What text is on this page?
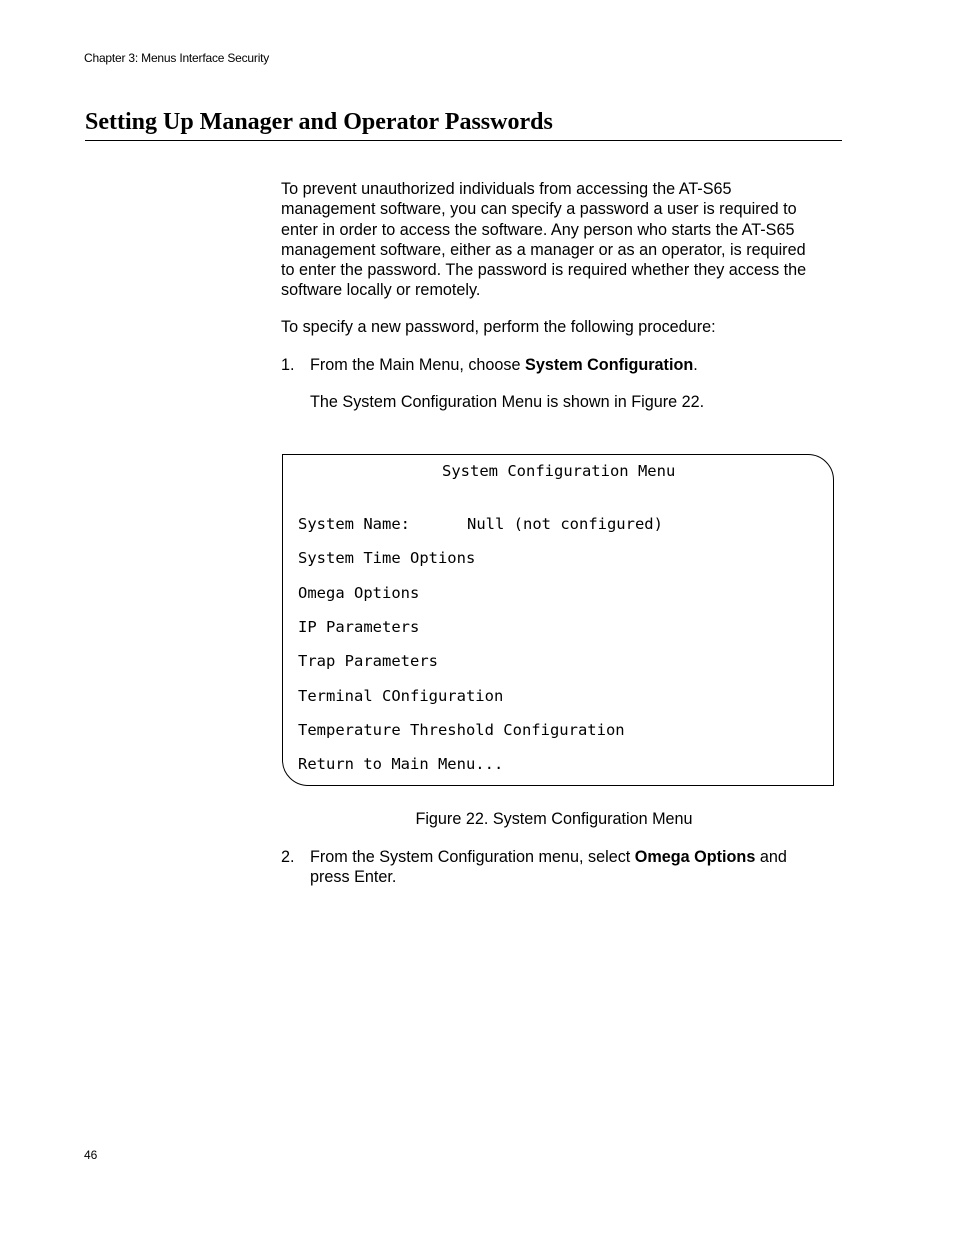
Chapter 3: Menus Interface Security
Setting Up Manager and Operator Passwords
To prevent unauthorized individuals from accessing the AT-S65
management software, you can specify a password a user is required to
enter in order to access the software. Any person who starts the AT-S65
management software, either as a manager or as an operator, is required
to enter the password. The password is required whether they access the
software locally or remotely.
To specify a new password, perform the following procedure:
1. From the Main Menu, choose System Configuration.
The System Configuration Menu is shown in Figure 22.
System Configuration Menu
System Name:	Null (not configured)
System Time Options
Omega Options
IP Parameters
Trap Parameters
Terminal COnfiguration
Temperature Threshold Configuration
Return to Main Menu...
Figure 22. System Configuration Menu
2. From the System Configuration menu, select Omega Options and
press Enter.
46
